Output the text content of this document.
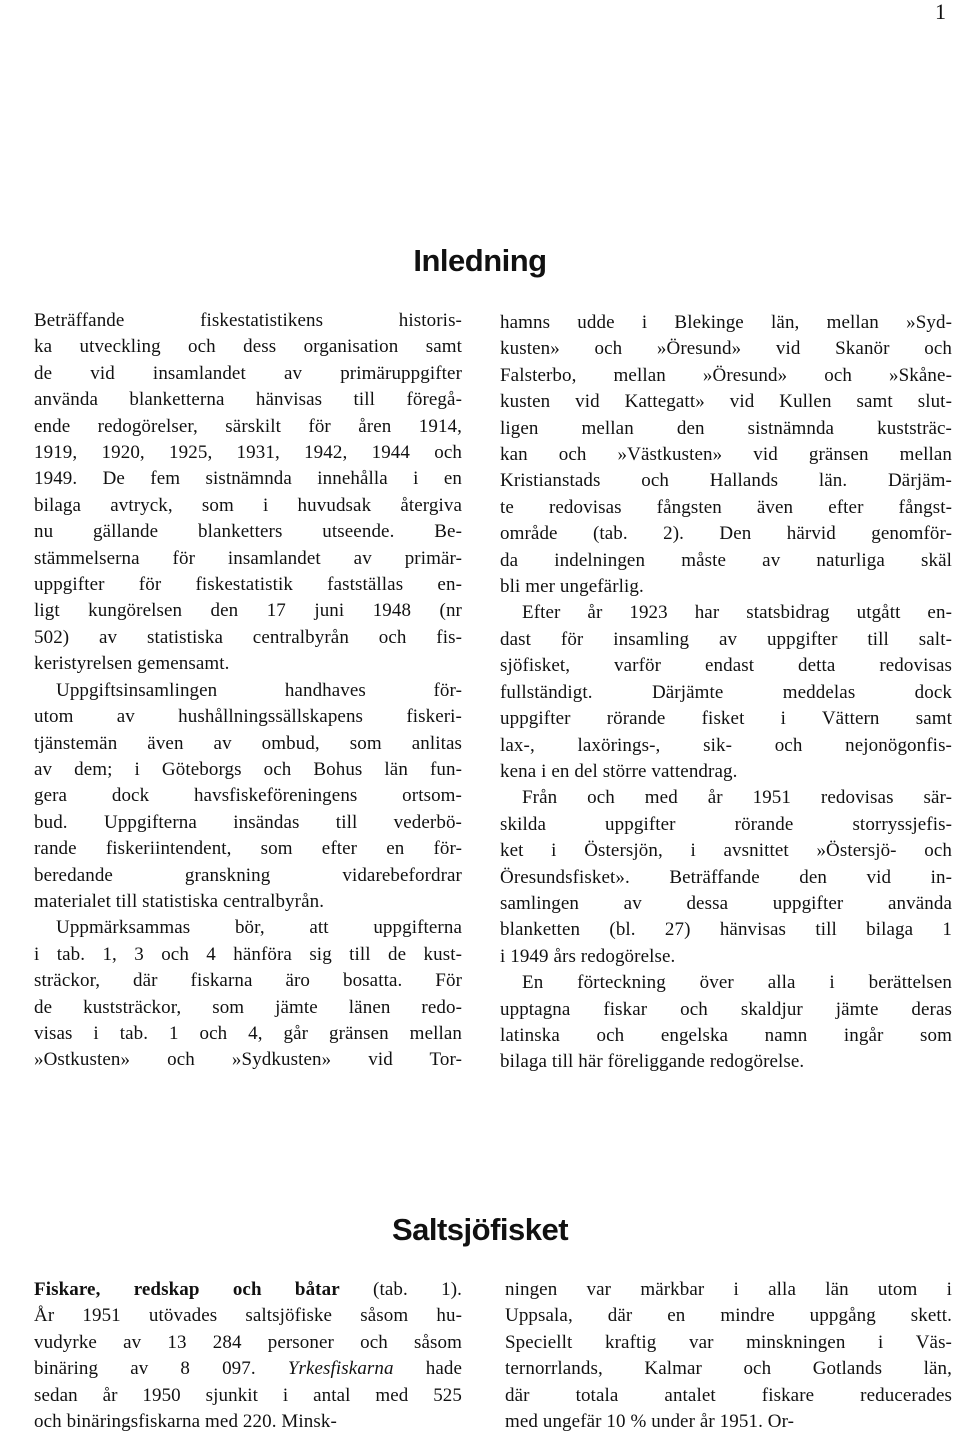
1
Inledning
Beträffande fiskestatistikens historis-
ka utveckling och dess organisation samt
de vid insamlandet av primäruppgifter
använda blanketterna hänvisas till föregå-
ende redogörelser, särskilt för åren 1914,
1919, 1920, 1925, 1931, 1942, 1944 och
1949. De fem sistnämnda innehålla i en
bilaga avtryck, som i huvudsak återgiva
nu gällande blanketters utseende. Be-
stämmelserna för insamlandet av primär-
uppgifter för fiskestatistik fastställas en-
ligt kungörelsen den 17 juni 1948 (nr
502) av statistiska centralbyrån och fis-
keristyrelsen gemensamt.
Uppgiftsinsamlingen handhaves för-
utom av hushållningssällskapens fiskeri-
tjänstemän även av ombud, som anlitas
av dem; i Göteborgs och Bohus län fun-
gera dock havsfiskeföreningens ortsom-
bud. Uppgifterna insändas till vederbö-
rande fiskeriintendent, som efter en för-
beredande granskning vidarebefordrar
materialet till statistiska centralbyrån.
Uppmärksammas bör, att uppgifterna
i tab. 1, 3 och 4 hänföra sig till de kust-
sträckor, där fiskarna äro bosatta. För
de kuststräckor, som jämte länen redo-
visas i tab. 1 och 4, går gränsen mellan
»Ostkusten» och »Sydkusten» vid Tor-
hamns udde i Blekinge län, mellan »Syd-
kusten» och »Öresund» vid Skanör och
Falsterbo, mellan »Öresund» och »Skåne-
kusten vid Kattegatt» vid Kullen samt slut-
ligen mellan den sistnämnda kuststräc-
kan och »Västkusten» vid gränsen mellan
Kristianstads och Hallands län. Därjäm-
te redovisas fångsten även efter fångst-
område (tab. 2). Den härvid genomför-
da indelningen måste av naturliga skäl
bli mer ungefärlig.
Efter år 1923 har statsbidrag utgått en-
dast för insamling av uppgifter till salt-
sjöfisket, varför endast detta redovisas
fullständigt. Därjämte meddelas dock
uppgifter rörande fisket i Vättern samt
lax-, laxörings-, sik- och nejonögonfis-
kena i en del större vattendrag.
Från och med år 1951 redovisas sär-
skilda uppgifter rörande storryssjefis-
ket i Östersjön, i avsnittet »Östersjö- och
Öresundsfisket». Beträffande den vid in-
samlingen av dessa uppgifter använda
blanketten (bl. 27) hänvisas till bilaga 1
i 1949 års redogörelse.
En förteckning över alla i berättelsen
upptagna fiskar och skaldjur jämte deras
latinska och engelska namn ingår som
bilaga till här föreliggande redogörelse.
Saltsjöfisket
Fiskare, redskap och båtar (tab. 1).
År 1951 utövades saltsjöfiske såsom hu-
vudyrke av 13 284 personer och såsom
binäring av 8 097. Yrkesfiskarna hade
sedan år 1950 sjunkit i antal med 525
och binäringsfiskarna med 220. Minsk-
ningen var märkbar i alla län utom i
Uppsala, där en mindre uppgång skett.
Speciellt kraftig var minskningen i Väs-
ternorrlands, Kalmar och Gotlands län,
där totala antalet fiskare reducerades
med ungefär 10 % under år 1951. Or-
